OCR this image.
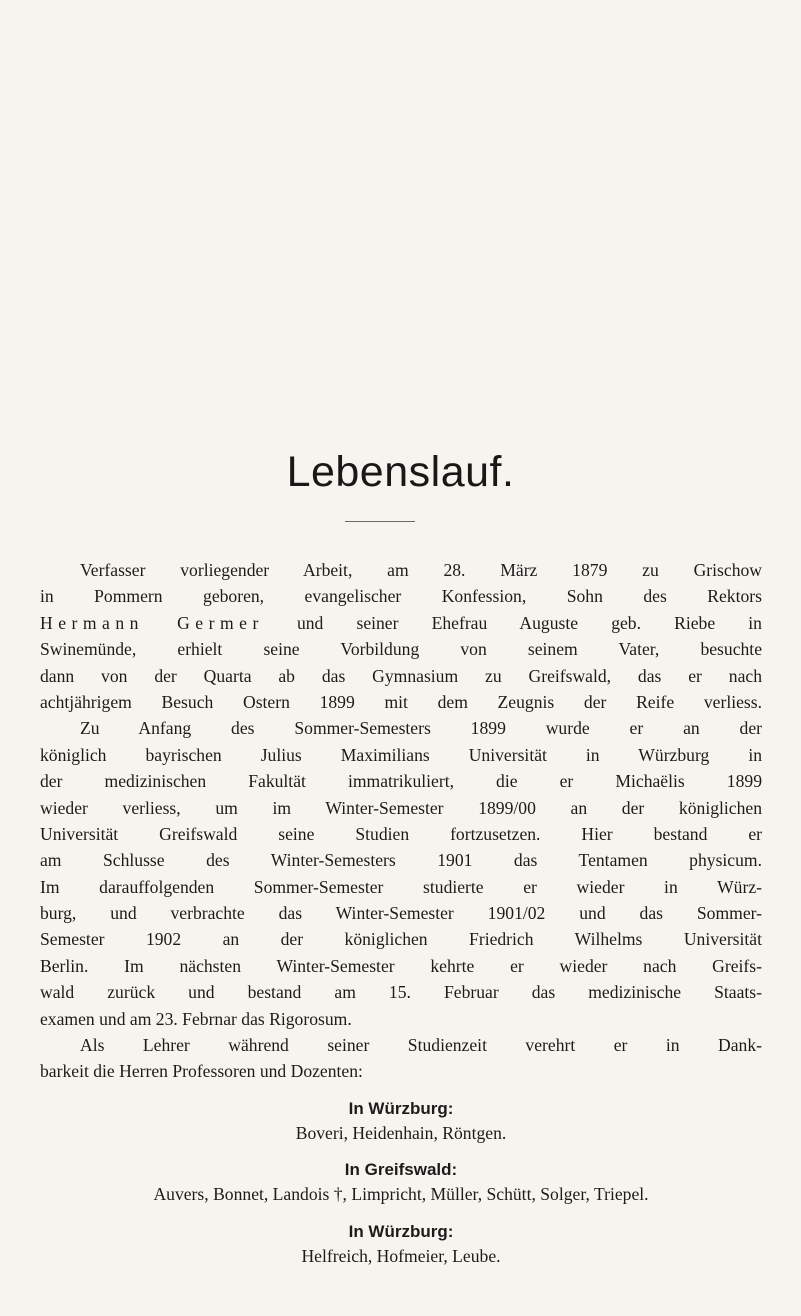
Lebenslauf.
Verfasser vorliegender Arbeit, am 28. März 1879 zu Grischow
in Pommern geboren, evangelischer Konfession, Sohn des Rektors
Hermann Germer und seiner Ehefrau Auguste geb. Riebe in
Swinemünde, erhielt seine Vorbildung von seinem Vater, besuchte
dann von der Quarta ab das Gymnasium zu Greifswald, das er nach
achtjährigem Besuch Ostern 1899 mit dem Zeugnis der Reife verliess.
Zu Anfang des Sommer-Semesters 1899 wurde er an der
königlich bayrischen Julius Maximilians Universität in Würzburg in
der medizinischen Fakultät immatrikuliert, die er Michaëlis 1899
wieder verliess, um im Winter-Semester 1899/00 an der königlichen
Universität Greifswald seine Studien fortzusetzen. Hier bestand er
am Schlusse des Winter-Semesters 1901 das Tentamen physicum.
Im darauffolgenden Sommer-Semester studierte er wieder in Würz-
burg, und verbrachte das Winter-Semester 1901/02 und das Sommer-
Semester 1902 an der königlichen Friedrich Wilhelms Universität
Berlin. Im nächsten Winter-Semester kehrte er wieder nach Greifs-
wald zurück und bestand am 15. Februar das medizinische Staats-
examen und am 23. Febrnar das Rigorosum.
Als Lehrer während seiner Studienzeit verehrt er in Dank-
barkeit die Herren Professoren und Dozenten:
In Würzburg:
Boveri, Heidenhain, Röntgen.
In Greifswald:
Auvers, Bonnet, Landois †, Limpricht, Müller, Schütt, Solger, Triepel.
In Würzburg:
Helfreich, Hofmeier, Leube.
